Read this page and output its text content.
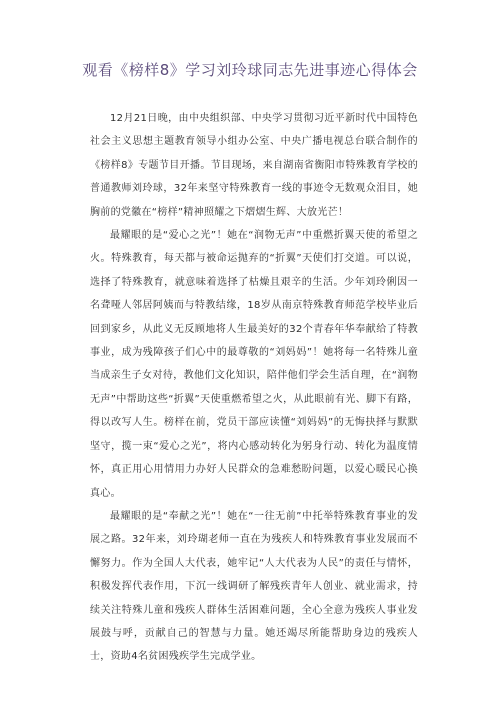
观看《榜样8》学习刘玲球同志先进事迹心得体会

12月21日晚，由中央组织部、中央学习贯彻习近平新时代中国特色社会主义思想主题教育领导小组办公室、中央广播电视总台联合制作的《榜样8》专题节目开播。节目现场，来自湖南省衡阳市特殊教育学校的普通教师刘玲球，32年来坚守特殊教育一线的事迹令无数观众泪目，她胸前的党徽在“榜样”精神照耀之下熠熠生辉、大放光芒！

最耀眼的是“爱心之光”！她在“润物无声”中重燃折翼天使的希望之火。特殊教育，每天都与被命运抛弃的“折翼”天使们打交道。可以说，选择了特殊教育，就意味着选择了枯燥且艰辛的生活。少年刘玲俐因一名聋哑人邻居阿姨而与特教结缘，18岁从南京特殊教育师范学校毕业后回到家乡，从此义无反顾地将人生最美好的32个青春年华奉献给了特教事业，成为残障孩子们心中的最尊敬的“刘妈妈”！她将每一名特殊儿童当成亲生子女对待，教他们文化知识，陪伴他们学会生活自理，在“润物无声”中帮助这些“折翼”天使重燃希望之火，从此眼前有光、脚下有路，得以改写人生。榜样在前，党员干部应读懂“刘妈妈”的无悔抉择与默默坚守，揽一束“爱心之光”，将内心感动转化为躬身行动、转化为温度情怀，真正用心用情用力办好人民群众的急难愁盼问题，以爱心暖民心换真心。

最耀眼的是“奉献之光”！她在“一往无前”中托举特殊教育事业的发展之路。32年来，刘玲瑚老师一直在为残疾人和特殊教育事业发展而不懈努力。作为全国人大代表，她牢记“人大代表为人民”的责任与情怀，积极发挥代表作用，下沉一线调研了解残疾青年人创业、就业需求，持续关注特殊儿童和残疾人群体生活困难问题，全心全意为残疾人事业发展鼓与呼，贡献自己的智慧与力量。她还竭尽所能帮助身边的残疾人士，资助4名贫困残疾学生完成学业。
